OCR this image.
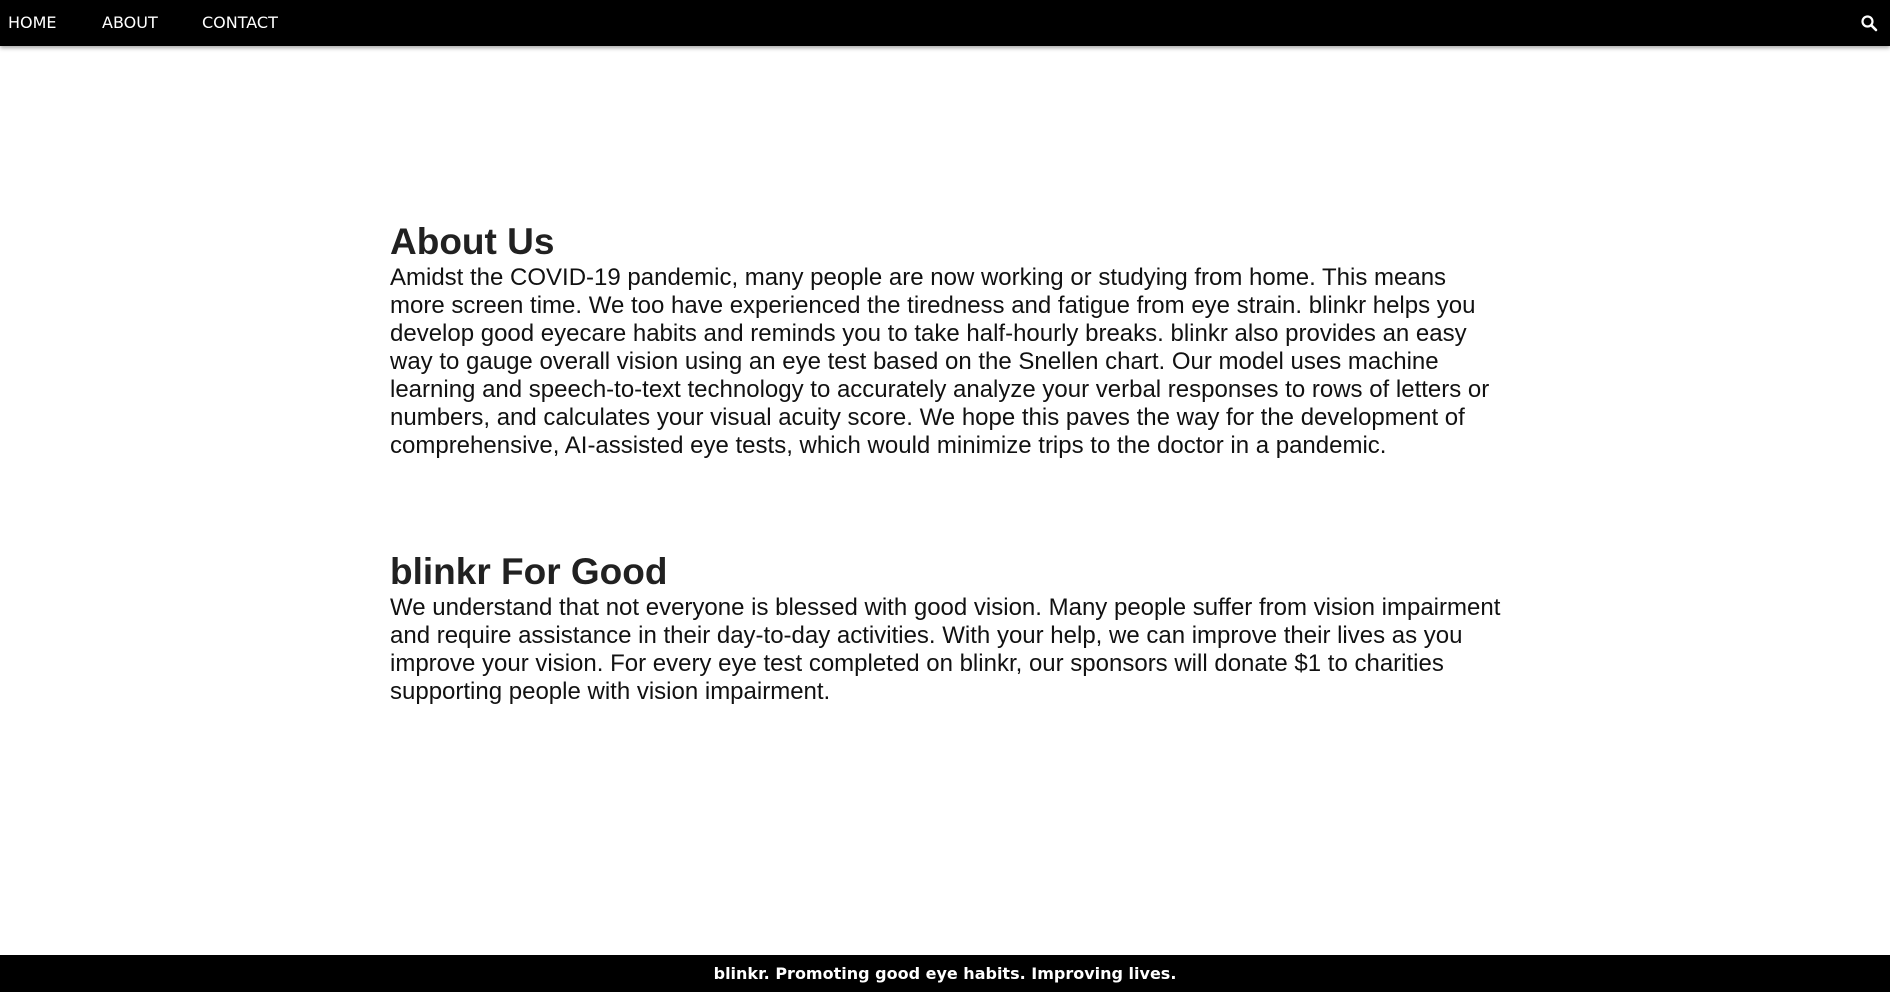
HOME	ABOUT	CONTACT
About Us

Amidst the COVID-19 pandemic, many people are now working or studying from home. This means more screen time. We too have experienced the tiredness and fatigue from eye strain. blinkr helps you develop good eyecare habits and reminds you to take half-hourly breaks. blinkr also provides an easy way to gauge overall vision using an eye test based on the Snellen chart. Our model uses machine learning and speech-to-text technology to accurately analyze your verbal responses to rows of letters or numbers, and calculates your visual acuity score. We hope this paves the way for the development of comprehensive, AI-assisted eye tests, which would minimize trips to the doctor in a pandemic.

blinkr For Good

We understand that not everyone is blessed with good vision. Many people suffer from vision impairment and require assistance in their day-to-day activities. With your help, we can improve their lives as you improve your vision. For every eye test completed on blinkr, our sponsors will donate $1 to charities supporting people with vision impairment.

blinkr. Promoting good eye habits. Improving lives.
